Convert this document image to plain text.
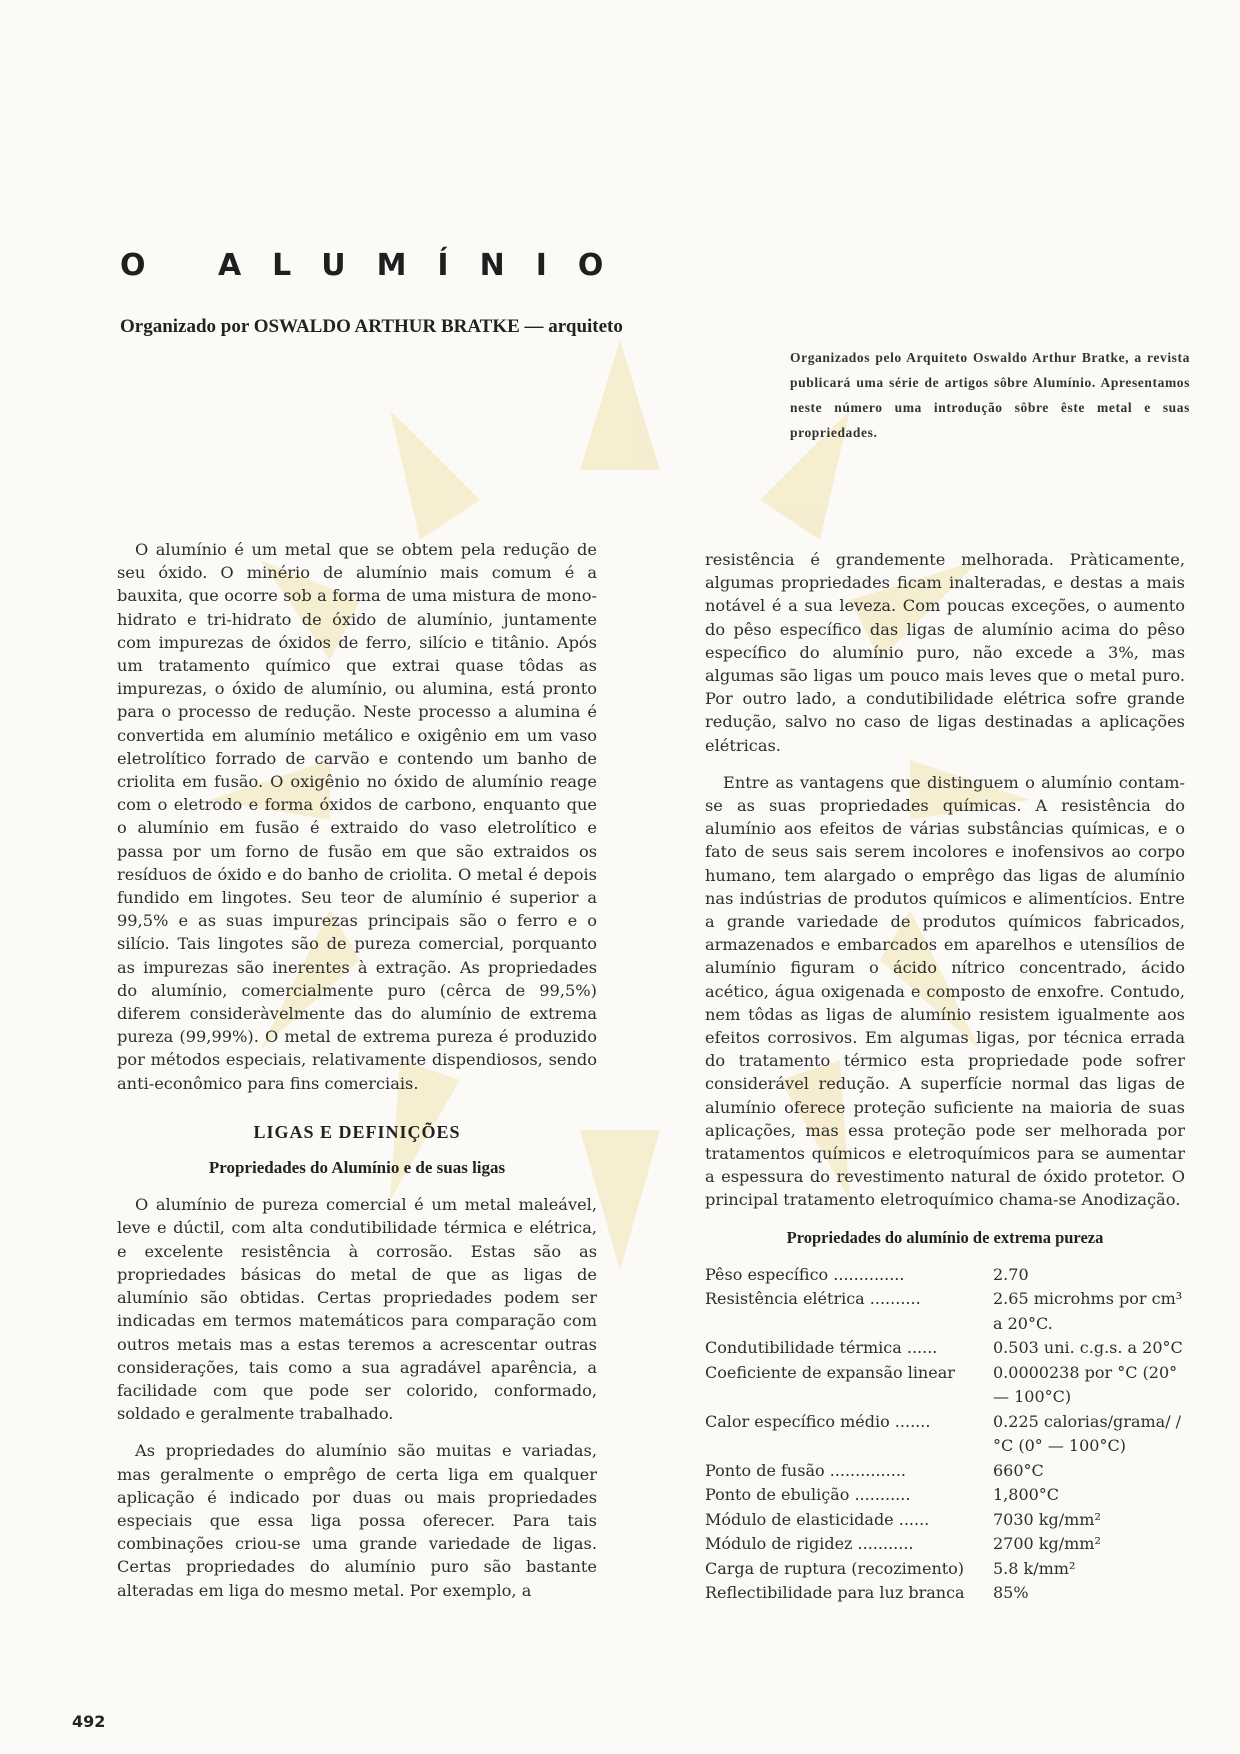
O ALUMÍNIO

Organizado por OSWALDO ARTHUR BRATKE — arquiteto

Organizados pelo Arquiteto Oswaldo Arthur Bratke, a revista publicará uma série de artigos sôbre Alumínio. Apresentamos neste número uma introdução sôbre êste metal e suas propriedades.

O alumínio é um metal que se obtem pela redução de seu óxido. O minério de alumínio mais comum é a bauxita, que ocorre sob a forma de uma mistura de mono-hidrato e tri-hidrato de óxido de alumínio, juntamente com impurezas de óxidos de ferro, silício e titânio. Após um tratamento químico que extrai quase tôdas as impurezas, o óxido de alumínio, ou alumina, está pronto para o processo de redução. Neste processo a alumina é convertida em alumínio metálico e oxigênio em um vaso eletrolítico forrado de carvão e contendo um banho de criolita em fusão. O oxigênio no óxido de alumínio reage com o eletrodo e forma óxidos de carbono, enquanto que o alumínio em fusão é extraido do vaso eletrolítico e passa por um forno de fusão em que são extraidos os resíduos de óxido e do banho de criolita. O metal é depois fundido em lingotes. Seu teor de alumínio é superior a 99,5% e as suas impurezas principais são o ferro e o silício. Tais lingotes são de pureza comercial, porquanto as impurezas são inerentes à extração. As propriedades do alumínio, comercialmente puro (cêrca de 99,5%) diferem consideràvelmente das do alumínio de extrema pureza (99,99%). O metal de extrema pureza é produzido por métodos especiais, relativamente dispendiosos, sendo anti-econômico para fins comerciais.

LIGAS E DEFINIÇÕES
Propriedades do Alumínio e de suas ligas

O alumínio de pureza comercial é um metal maleável, leve e dúctil, com alta condutibilidade térmica e elétrica, e excelente resistência à corrosão. Estas são as propriedades básicas do metal de que as ligas de alumínio são obtidas. Certas propriedades podem ser indicadas em termos matemáticos para comparação com outros metais mas a estas teremos a acrescentar outras considerações, tais como a sua agradável aparência, a facilidade com que pode ser colorido, conformado, soldado e geralmente trabalhado.

As propriedades do alumínio são muitas e variadas, mas geralmente o emprêgo de certa liga em qualquer aplicação é indicado por duas ou mais propriedades especiais que essa liga possa oferecer. Para tais combinações criou-se uma grande variedade de ligas. Certas propriedades do alumínio puro são bastante alteradas em liga do mesmo metal. Por exemplo, a

resistência é grandemente melhorada. Pràticamente, algumas propriedades ficam inalteradas, e destas a mais notável é a sua leveza. Com poucas exceções, o aumento do pêso específico das ligas de alumínio acima do pêso específico do alumínio puro, não excede a 3%, mas algumas são ligas um pouco mais leves que o metal puro. Por outro lado, a condutibilidade elétrica sofre grande redução, salvo no caso de ligas destinadas a aplicações elétricas.

Entre as vantagens que distinguem o alumínio contam-se as suas propriedades químicas. A resistência do alumínio aos efeitos de várias substâncias químicas, e o fato de seus sais serem incolores e inofensivos ao corpo humano, tem alargado o emprêgo das ligas de alumínio nas indústrias de produtos químicos e alimentícios. Entre a grande variedade de produtos químicos fabricados, armazenados e embarcados em aparelhos e utensílios de alumínio figuram o ácido nítrico concentrado, ácido acético, água oxigenada e composto de enxofre. Contudo, nem tôdas as ligas de alumínio resistem igualmente aos efeitos corrosivos. Em algumas ligas, por técnica errada do tratamento térmico esta propriedade pode sofrer considerável redução. A superfície normal das ligas de alumínio oferece proteção suficiente na maioria de suas aplicações, mas essa proteção pode ser melhorada por tratamentos químicos e eletroquímicos para se aumentar a espessura do revestimento natural de óxido protetor. O principal tratamento eletroquímico chama-se Anodização.

Propriedades do alumínio de extrema pureza
Pêso específico ..............	2.70
Resistência elétrica ..........	2.65 microhms por cm³ a 20°C.
Condutibilidade térmica ......	0.503 uni. c.g.s. a 20°C
Coeficiente de expansão linear	0.0000238 por °C (20° — 100°C)
Calor específico médio .......	0.225 calorias/grama/ /°C (0° — 100°C)
Ponto de fusão ...............	660°C
Ponto de ebulição ...........	1,800°C
Módulo de elasticidade ......	7030 kg/mm²
Módulo de rigidez ...........	2700 kg/mm²
Carga de ruptura (recozimento)	5.8 k/mm²
Reflectibilidade para luz branca	85%

492
